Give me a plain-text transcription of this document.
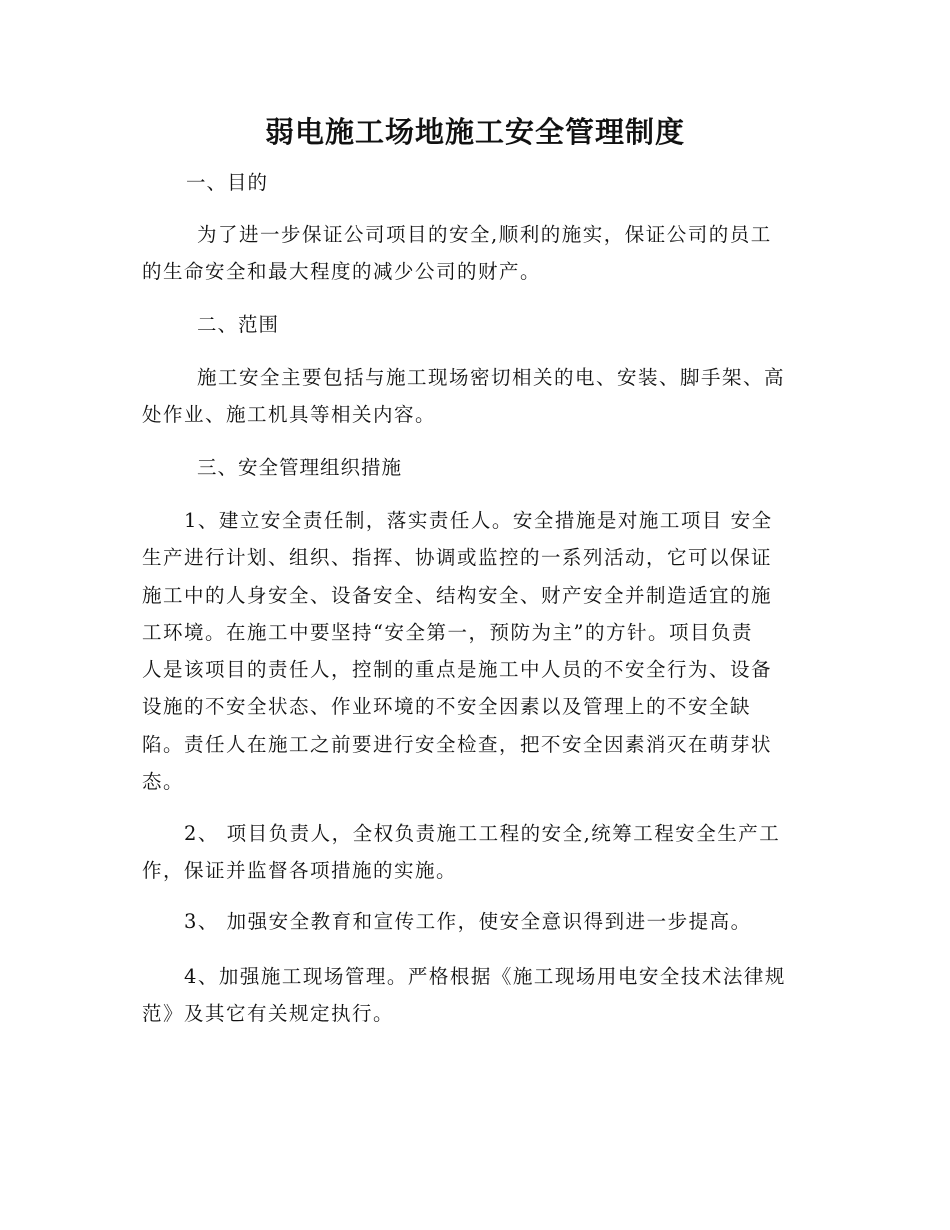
弱电施工场地施工安全管理制度
一、目的
为了进一步保证公司项目的安全,顺利的施实，保证公司的员工
的生命安全和最大程度的减少公司的财产。
二、范围
施工安全主要包括与施工现场密切相关的电、安装、脚手架、高
处作业、施工机具等相关内容。
三、安全管理组织措施
1、建立安全责任制，落实责任人。安全措施是对施工项目 安全
生产进行计划、组织、指挥、协调或监控的一系列活动，它可以保证
施工中的人身安全、设备安全、结构安全、财产安全并制造适宜的施
工环境。在施工中要坚持“安全第一，预防为主”的方针。项目负责
人是该项目的责任人，控制的重点是施工中人员的不安全行为、设备
设施的不安全状态、作业环境的不安全因素以及管理上的不安全缺
陷。责任人在施工之前要进行安全检查，把不安全因素消灭在萌芽状
态。
2、 项目负责人，全权负责施工工程的安全,统筹工程安全生产工
作，保证并监督各项措施的实施。
3、 加强安全教育和宣传工作，使安全意识得到进一步提高。
4、加强施工现场管理。严格根据《施工现场用电安全技术法律规
范》及其它有关规定执行。
